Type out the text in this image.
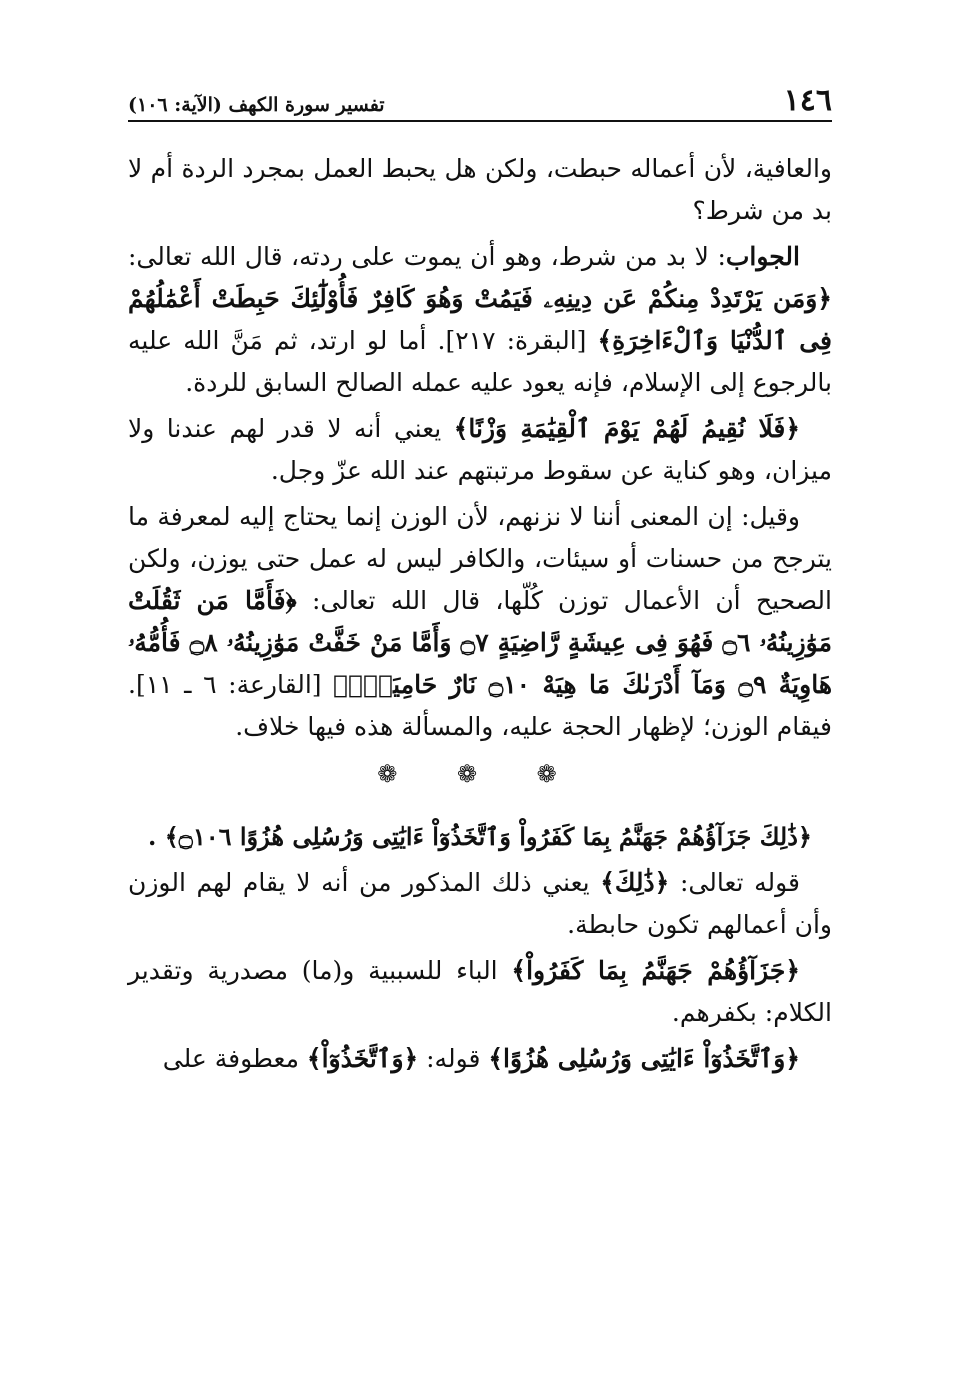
١٤٦
تفسير سورة الكهف (الآية: ١٠٦)

والعافية، لأن أعماله حبطت، ولكن هل يحبط العمل بمجرد الردة أم لا بد من شرط؟

الجواب: لا بد من شرط، وهو أن يموت على ردته، قال الله تعالى: ﴿وَمَن يَرْتَدِدْ مِنكُمْ عَن دِينِهِۦ فَيَمُتْ وَهُوَ كَافِرٌ فَأُوْلَٰٓئِكَ حَبِطَتْ أَعْمَٰلُهُمْ فِى ٱلدُّنْيَا وَٱلْءَاخِرَةِ﴾ [البقرة: ٢١٧]. أما لو ارتد، ثم مَنَّ الله عليه بالرجوع إلى الإسلام، فإنه يعود عليه عمله الصالح السابق للردة.

﴿فَلَا نُقِيمُ لَهُمْ يَوْمَ ٱلْقِيَٰمَةِ وَزْنًا﴾ يعني أنه لا قدر لهم عندنا ولا ميزان، وهو كناية عن سقوط مرتبتهم عند الله عزّ وجل.

وقيل: إن المعنى أننا لا نزنهم، لأن الوزن إنما يحتاج إليه لمعرفة ما يترجح من حسنات أو سيئات، والكافر ليس له عمل حتى يوزن، ولكن الصحيح أن الأعمال توزن كُلّها، قال الله تعالى: ﴿فَأَمَّا مَن ثَقُلَتْ مَوَٰزِينُهُۥ ۝٦ فَهُوَ فِى عِيشَةٍ رَّاضِيَةٍ ۝٧ وَأَمَّا مَنْ خَفَّتْ مَوَٰزِينُهُۥ ۝٨ فَأُمُّهُۥ هَاوِيَةٌ ۝٩ وَمَآ أَدْرَىٰكَ مَا هِيَهْ ۝١٠ نَارٌ حَامِيَةٌۢ﴾ [القارعة: ٦ ـ ١١]. فيقام الوزن؛ لإظهار الحجة عليه، والمسألة هذه فيها خلاف.

❁ ❁ ❁

﴿ذَٰلِكَ جَزَآؤُهُمْ جَهَنَّمُ بِمَا كَفَرُواْ وَٱتَّخَذُوٓاْ ءَايَٰتِى وَرُسُلِى هُزُوًا ۝١٠٦﴾ .

قوله تعالى: ﴿ذَٰلِكَ﴾ يعني ذلك المذكور من أنه لا يقام لهم الوزن وأن أعمالهم تكون حابطة.

﴿جَزَآؤُهُمْ جَهَنَّمُ بِمَا كَفَرُواْ﴾ الباء للسببية و(ما) مصدرية وتقدير الكلام: بكفرهم.

﴿وَٱتَّخَذُوٓاْ ءَايَٰتِى وَرُسُلِى هُزُوًا﴾ قوله: ﴿وَٱتَّخَذُوٓاْ﴾ معطوفة على
